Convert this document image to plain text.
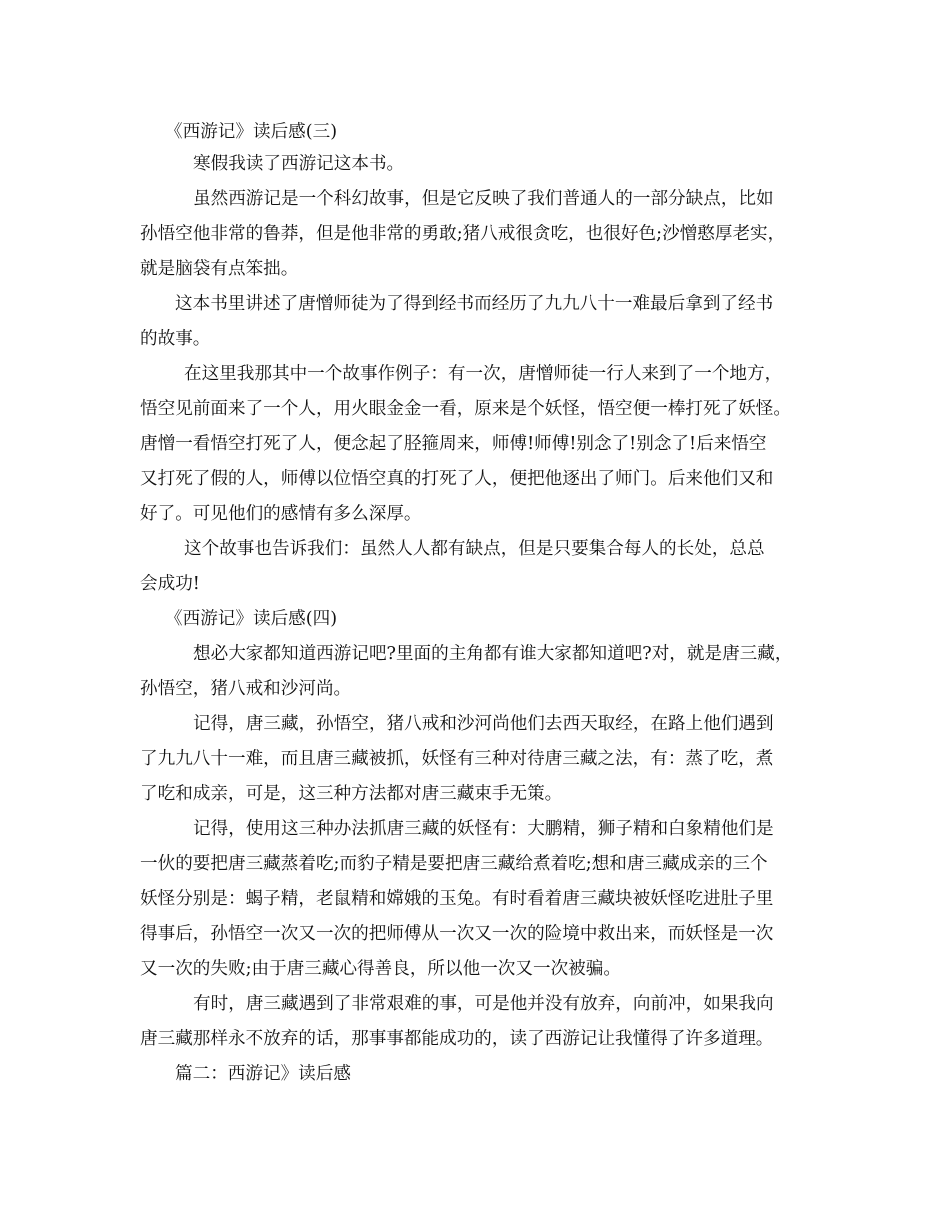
《西游记》读后感(三)
寒假我读了西游记这本书。
虽然西游记是一个科幻故事，但是它反映了我们普通人的一部分缺点，比如
孙悟空他非常的鲁莽，但是他非常的勇敢;猪八戒很贪吃，也很好色;沙憎憨厚老实，
就是脑袋有点笨拙。
这本书里讲述了唐憎师徒为了得到经书而经历了九九八十一难最后拿到了经书
的故事。
在这里我那其中一个故事作例子：有一次，唐憎师徒一行人来到了一个地方，
悟空见前面来了一个人，用火眼金金一看，原来是个妖怪，悟空便一棒打死了妖怪。
唐憎一看悟空打死了人，便念起了胫箍周来，师傅!师傅!别念了!别念了!后来悟空
又打死了假的人，师傅以位悟空真的打死了人，便把他逐出了师门。后来他们又和
好了。可见他们的感情有多么深厚。
这个故事也告诉我们：虽然人人都有缺点，但是只要集合每人的长处，总总
会成功!
《西游记》读后感(四)
想必大家都知道西游记吧?里面的主角都有谁大家都知道吧?对，就是唐三藏，
孙悟空，猪八戒和沙河尚。
记得，唐三藏，孙悟空，猪八戒和沙河尚他们去西天取经，在路上他们遇到
了九九八十一难，而且唐三藏被抓，妖怪有三种对待唐三藏之法，有：蒸了吃，煮
了吃和成亲，可是，这三种方法都对唐三藏束手无策。
记得，使用这三种办法抓唐三藏的妖怪有：大鹏精，狮子精和白象精他们是
一伙的要把唐三藏蒸着吃;而豹子精是要把唐三藏给煮着吃;想和唐三藏成亲的三个
妖怪分别是：蝎子精，老鼠精和嫦娥的玉兔。有时看着唐三藏块被妖怪吃进肚子里
得事后，孙悟空一次又一次的把师傅从一次又一次的险境中救出来，而妖怪是一次
又一次的失败;由于唐三藏心得善良，所以他一次又一次被骗。
有时，唐三藏遇到了非常艰难的事，可是他并没有放弃，向前冲，如果我向
唐三藏那样永不放弃的话，那事事都能成功的，读了西游记让我懂得了许多道理。
篇二：西游记》读后感
